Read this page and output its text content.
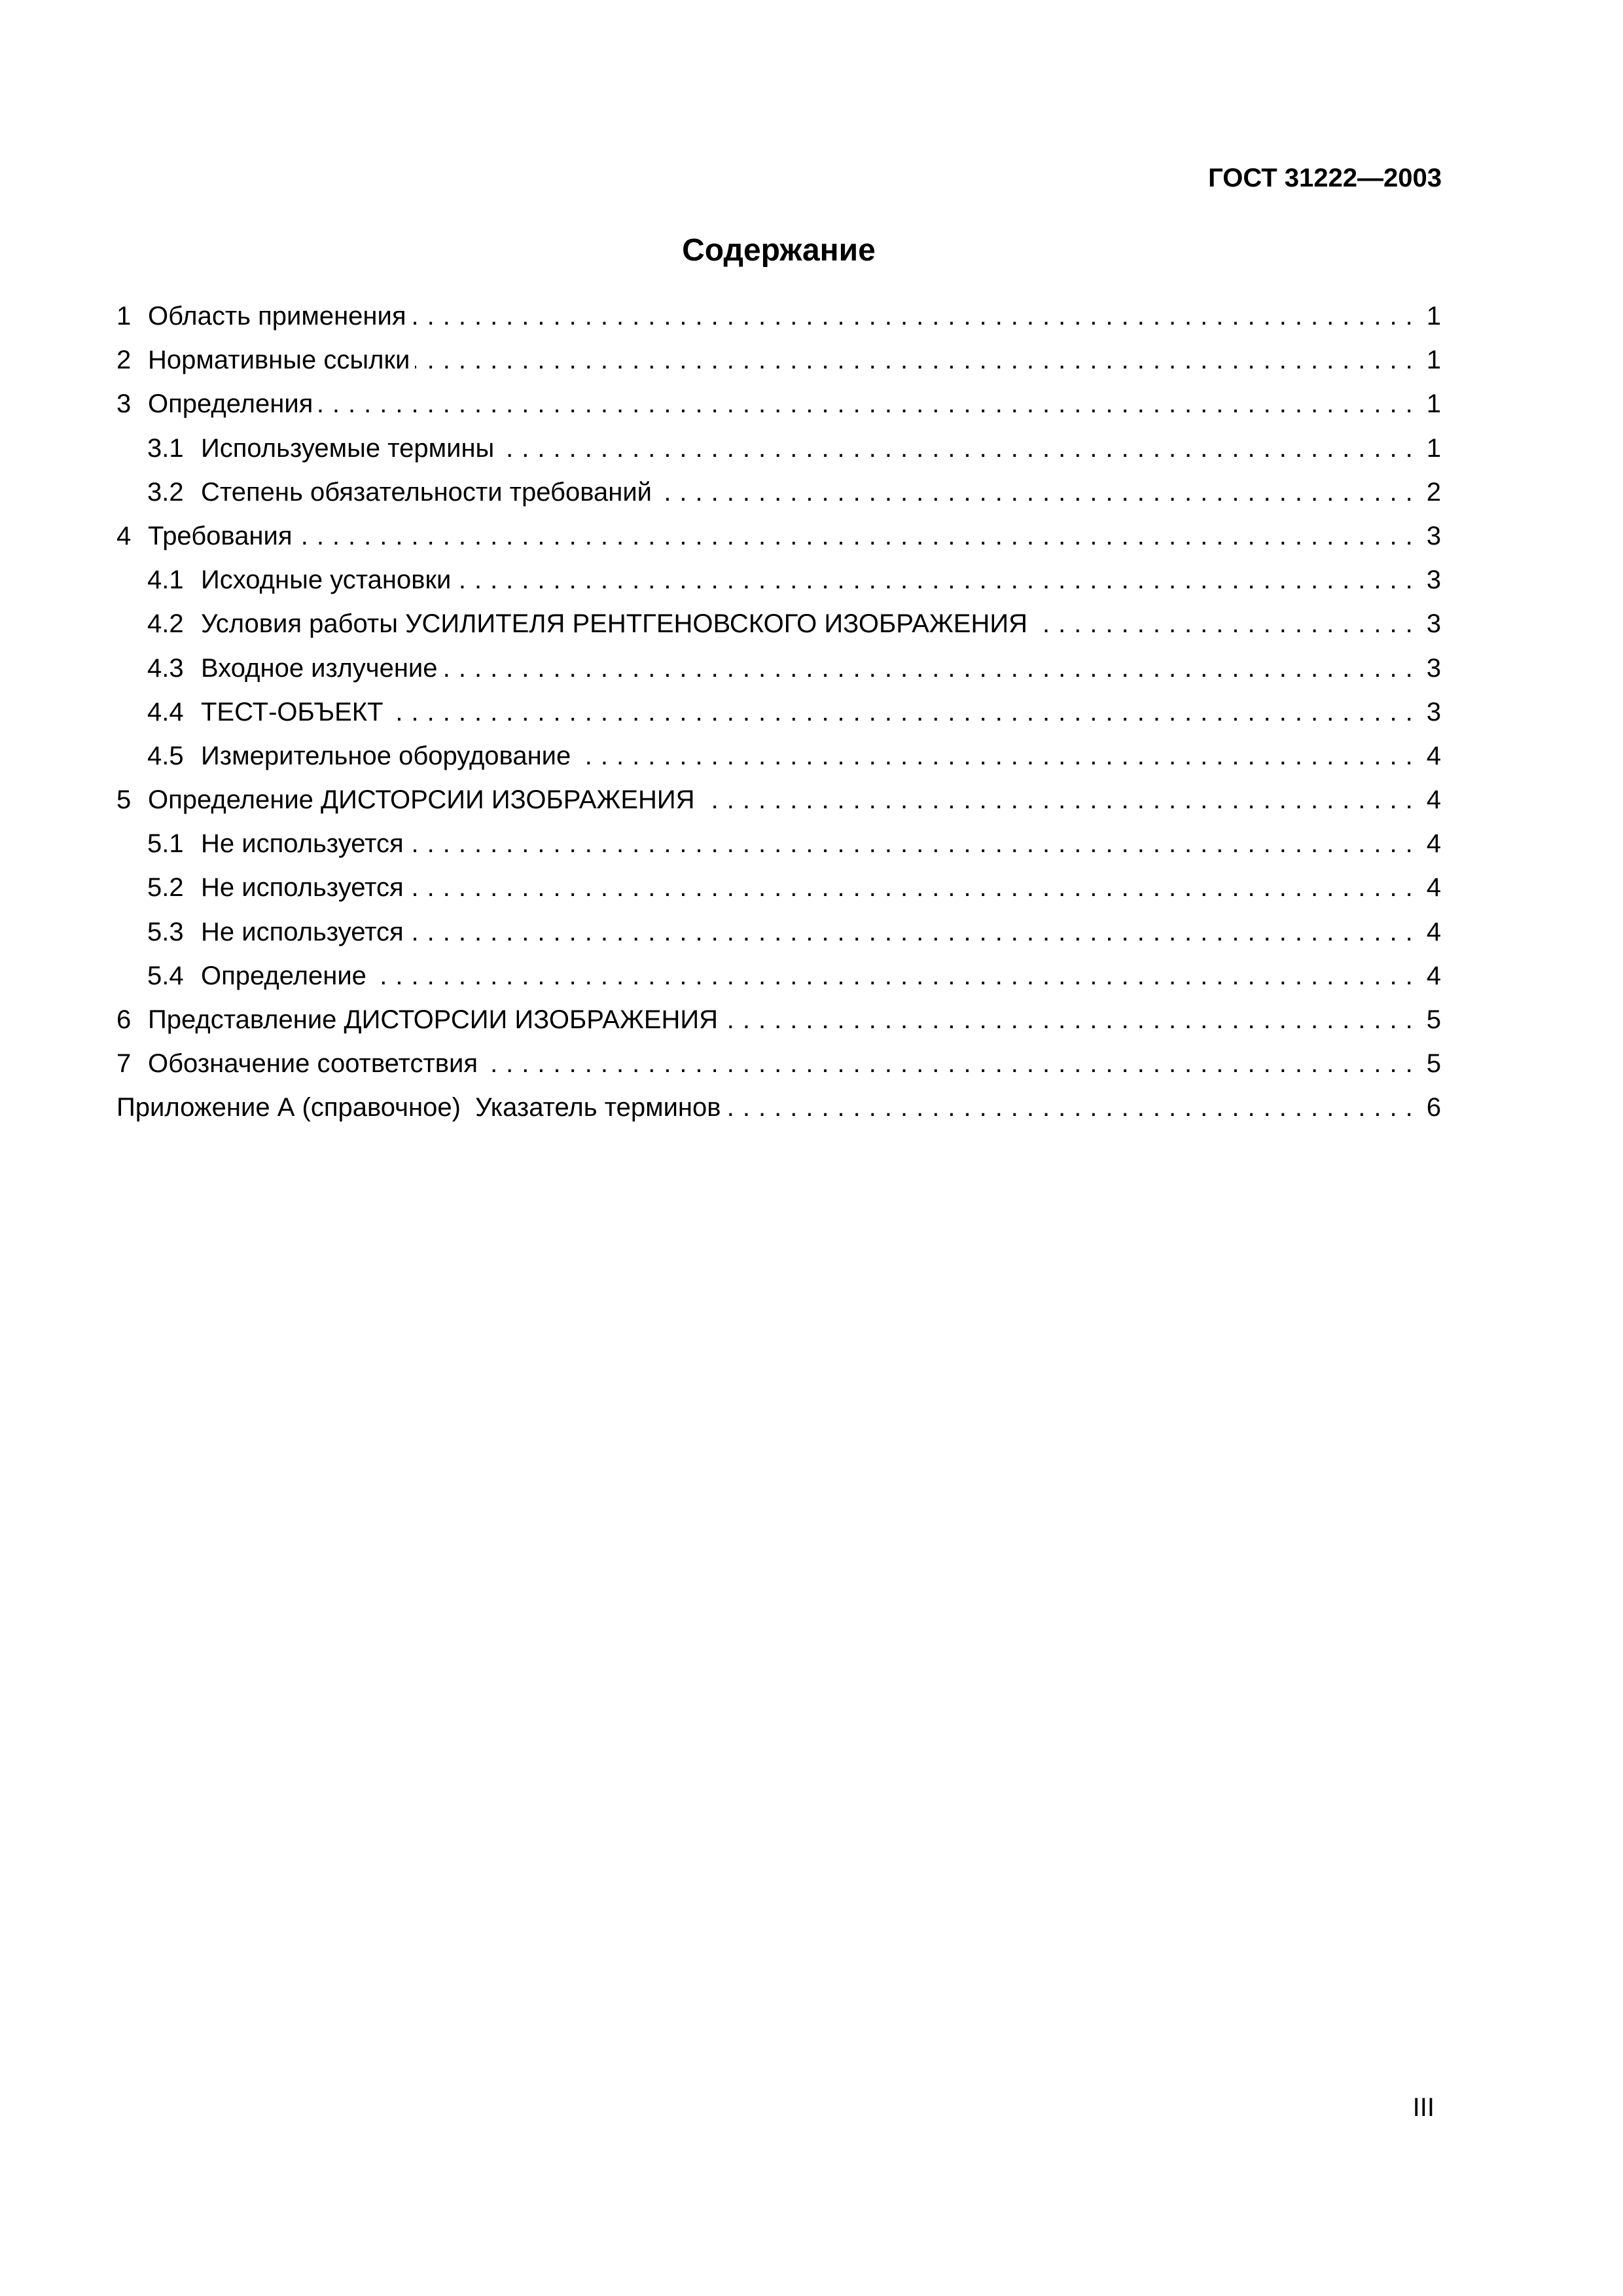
ГОСТ 31222—2003
Содержание
1 Область применения .....	1
2 Нормативные ссылки .....	1
3 Определения .....	1
3.1 Используемые термины .....	1
3.2 Степень обязательности требований .....	2
4 Требования .....	3
4.1 Исходные установки .....	3
4.2 Условия работы УСИЛИТЕЛЯ РЕНТГЕНОВСКОГО ИЗОБРАЖЕНИЯ .....	3
4.3 Входное излучение .....	3
4.4 ТЕСТ-ОБЪЕКТ .....	3
4.5 Измерительное оборудование .....	4
5 Определение ДИСТОРСИИ ИЗОБРАЖЕНИЯ .....	4
5.1 Не используется .....	4
5.2 Не используется .....	4
5.3 Не используется .....	4
5.4 Определение .....	4
6 Представление ДИСТОРСИИ ИЗОБРАЖЕНИЯ .....	5
7 Обозначение соответствия .....	5
Приложение А (справочное)  Указатель терминов .....	6
III
